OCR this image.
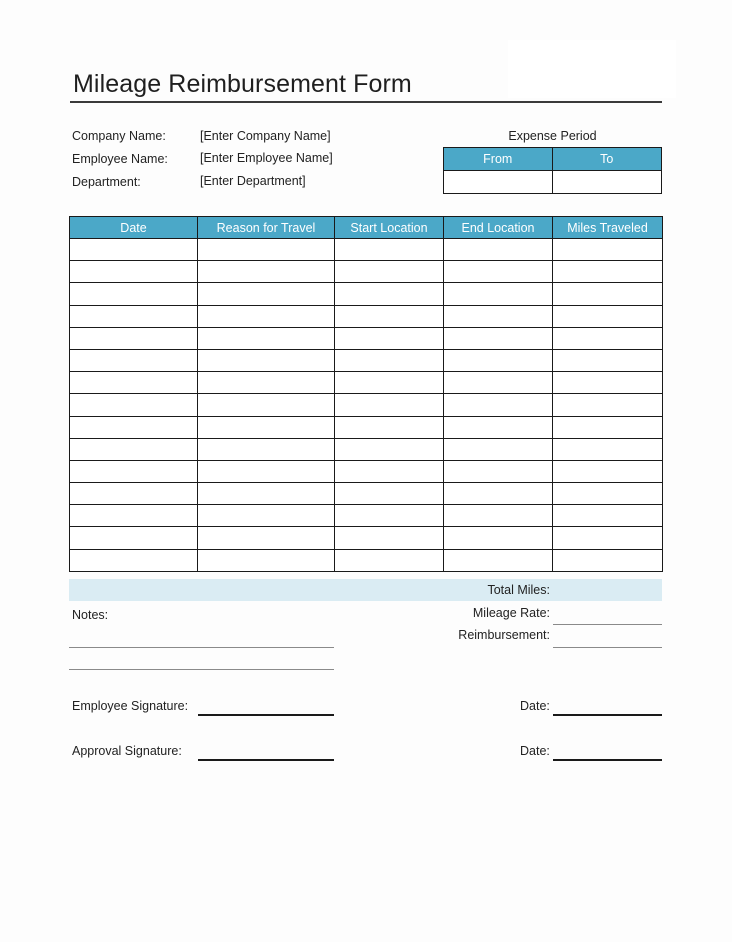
Mileage Reimbursement Form
Company Name:	[Enter Company Name]
Employee Name:	[Enter Employee Name]
Department:	[Enter Department]
Expense Period
From	To
Date	Reason for Travel	Start Location	End Location	Miles Traveled

Total Miles:
Mileage Rate:
Reimbursement:
Notes:
Employee Signature:	Date:
Approval Signature:	Date:
